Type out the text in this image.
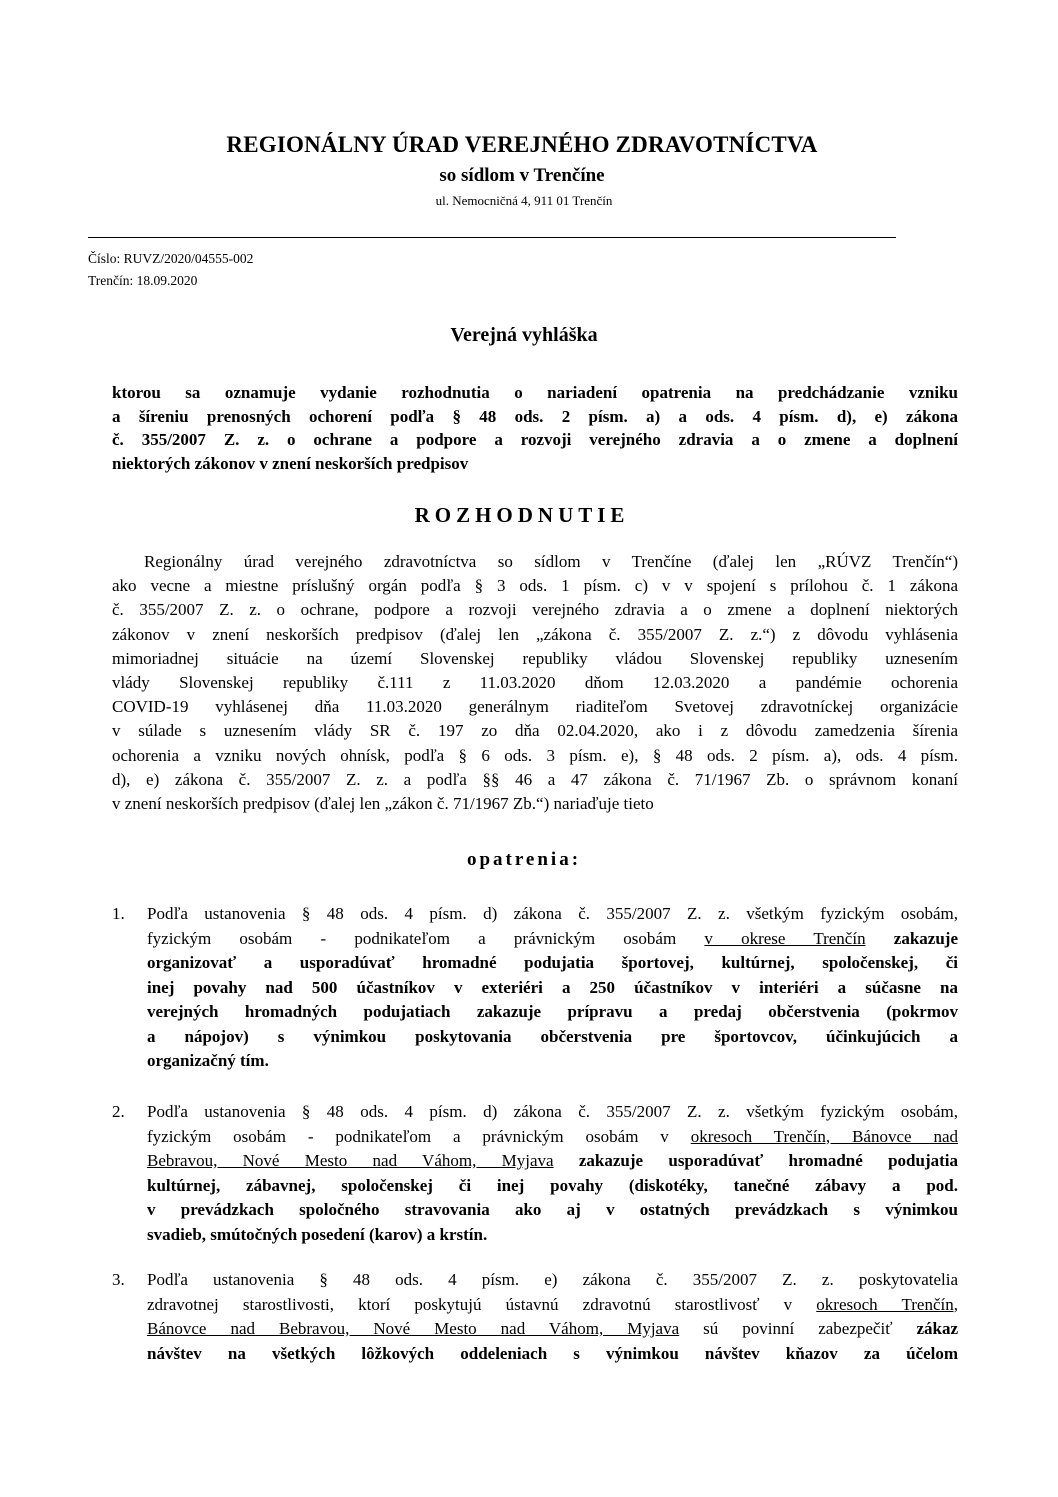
REGIONÁLNY ÚRAD VEREJNÉHO ZDRAVOTNÍCTVA
so sídlom v Trenčíne
ul. Nemocničná 4, 911 01 Trenčín
Číslo: RUVZ/2020/04555-002
Trenčín: 18.09.2020
Verejná vyhláška
ktorou sa oznamuje vydanie rozhodnutia o nariadení opatrenia na predchádzanie vzniku
a šíreniu prenosných ochorení podľa § 48 ods. 2 písm. a) a ods. 4 písm. d), e) zákona
č. 355/2007 Z. z. o ochrane a podpore a rozvoji verejného zdravia a o zmene a doplnení
niektorých zákonov v znení neskorších predpisov
ROZHODNUTIE
Regionálny úrad verejného zdravotníctva so sídlom v Trenčíne (ďalej len „RÚVZ Trenčín“)
ako vecne a miestne príslušný orgán podľa § 3 ods. 1 písm. c) v v spojení s prílohou č. 1 zákona
č. 355/2007 Z. z. o ochrane, podpore a rozvoji verejného zdravia a o zmene a doplnení niektorých
zákonov v znení neskorších predpisov (ďalej len „zákona č. 355/2007 Z. z.“) z dôvodu vyhlásenia
mimoriadnej situácie na území Slovenskej republiky vládou Slovenskej republiky uznesením
vlády Slovenskej republiky č.111 z 11.03.2020 dňom 12.03.2020 a pandémie ochorenia
COVID-19 vyhlásenej dňa 11.03.2020 generálnym riaditeľom Svetovej zdravotníckej organizácie
v súlade s uznesením vlády SR č. 197 zo dňa 02.04.2020, ako i z dôvodu zamedzenia šírenia
ochorenia a vzniku nových ohnísk, podľa § 6 ods. 3 písm. e), § 48 ods. 2 písm. a), ods. 4 písm.
d), e) zákona č. 355/2007 Z. z. a podľa §§ 46 a 47 zákona č. 71/1967 Zb. o správnom konaní
v znení neskorších predpisov (ďalej len „zákon č. 71/1967 Zb.“) nariaďuje tieto
opatrenia:
1.	Podľa ustanovenia § 48 ods. 4 písm. d) zákona č. 355/2007 Z. z. všetkým fyzickým osobám,
fyzickým osobám - podnikateľom a právnickým osobám v okrese Trenčín zakazuje
organizovať a usporadúvať hromadné podujatia športovej, kultúrnej, spoločenskej, či
inej povahy nad 500 účastníkov v exteriéri a 250 účastníkov v interiéri a súčasne na
verejných hromadných podujatiach zakazuje prípravu a predaj občerstvenia (pokrmov
a nápojov) s výnimkou poskytovania občerstvenia pre športovcov, účinkujúcich a
organizačný tím.
2.	Podľa ustanovenia § 48 ods. 4 písm. d) zákona č. 355/2007 Z. z. všetkým fyzickým osobám,
fyzickým osobám - podnikateľom a právnickým osobám v okresoch Trenčín, Bánovce nad
Bebravou, Nové Mesto nad Váhom, Myjava zakazuje usporadúvať hromadné podujatia
kultúrnej, zábavnej, spoločenskej či inej povahy (diskotéky, tanečné zábavy a pod.
v prevádzkach spoločného stravovania ako aj v ostatných prevádzkach s výnimkou
svadieb, smútočných posedení (karov) a krstín.
3.	Podľa ustanovenia § 48 ods. 4 písm. e) zákona č. 355/2007 Z. z. poskytovatelia
zdravotnej starostlivosti, ktorí poskytujú ústavnú zdravotnú starostlivosť v okresoch Trenčín,
Bánovce nad Bebravou, Nové Mesto nad Váhom, Myjava sú povinní zabezpečiť zákaz
návštev na všetkých lôžkových oddeleniach s výnimkou návštev kňazov za účelom
